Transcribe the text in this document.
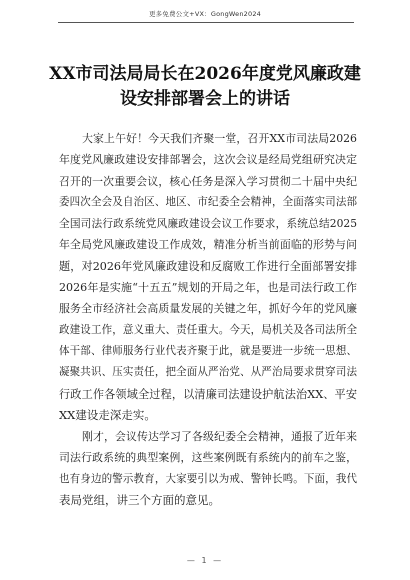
更多免费公文+VX：GongWen2024
XX市司法局局长在2026年度党风廉政建
设安排部署会上的讲话

大家上午好！今天我们齐聚一堂，召开XX市司法局2026
年度党风廉政建设安排部署会，这次会议是经局党组研究决定
召开的一次重要会议，核心任务是深入学习贯彻二十届中央纪
委四次全会及自治区、地区、市纪委全会精神，全面落实司法部
全国司法行政系统党风廉政建设会议工作要求，系统总结2025
年全局党风廉政建设工作成效，精准分析当前面临的形势与问
题，对2026年党风廉政建设和反腐败工作进行全面部署安排
2026年是实施“十五五”规划的开局之年，也是司法行政工作
服务全市经济社会高质量发展的关键之年，抓好今年的党风廉
政建设工作，意义重大、责任重大。今天，局机关及各司法所全
体干部、律师服务行业代表齐聚于此，就是要进一步统一思想、
凝聚共识、压实责任，把全面从严治党、从严治局要求贯穿司法
行政工作各领域全过程，以清廉司法建设护航法治XX、平安
XX建设走深走实。

刚才，会议传达学习了各级纪委全会精神，通报了近年来
司法行政系统的典型案例，这些案例既有系统内的前车之鉴，
也有身边的警示教育，大家要引以为戒、警钟长鸣。下面，我代
表局党组，讲三个方面的意见。

— 1 —
